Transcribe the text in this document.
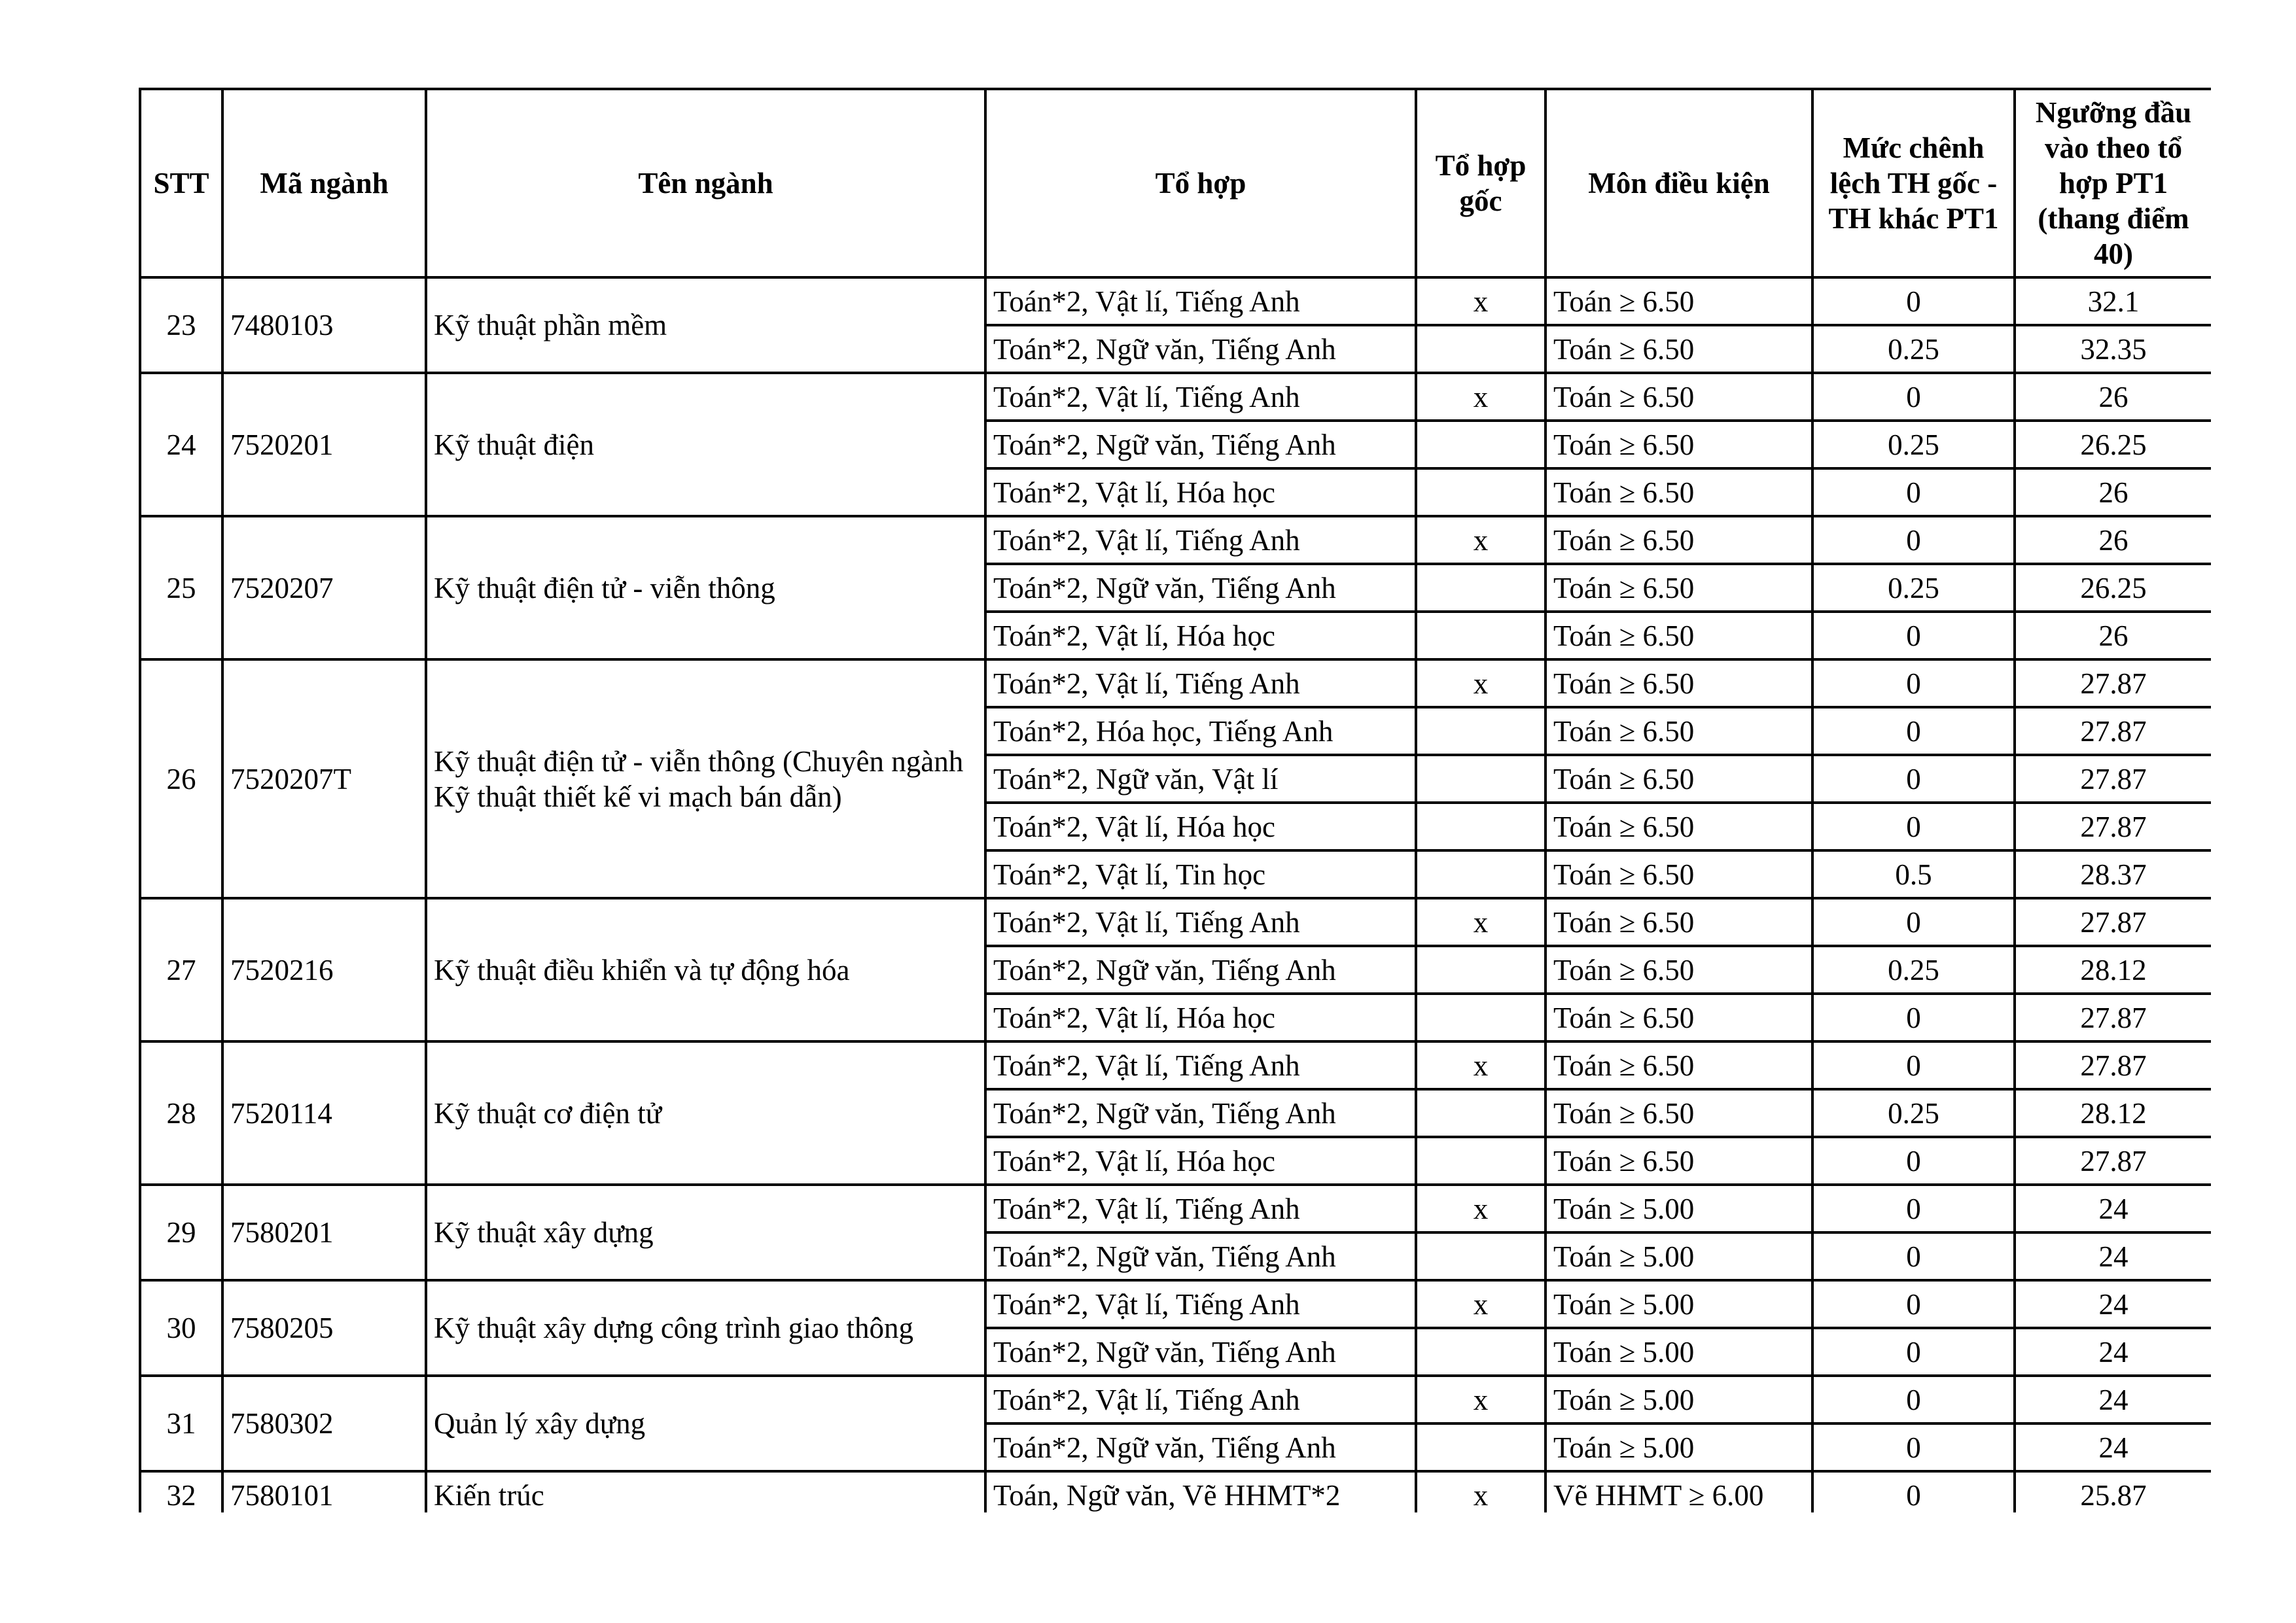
STT	Mã ngành	Tên ngành	Tổ hợp	Tổ hợp gốc	Môn điều kiện	Mức chênh lệch TH gốc - TH khác PT1	Ngưỡng đầu vào theo tổ hợp PT1 (thang điểm 40)
23	7480103	Kỹ thuật phần mềm	Toán*2, Vật lí, Tiếng Anh	x	Toán ≥ 6.50	0	32.1
			Toán*2, Ngữ văn, Tiếng Anh		Toán ≥ 6.50	0.25	32.35
24	7520201	Kỹ thuật điện	Toán*2, Vật lí, Tiếng Anh	x	Toán ≥ 6.50	0	26
			Toán*2, Ngữ văn, Tiếng Anh		Toán ≥ 6.50	0.25	26.25
			Toán*2, Vật lí, Hóa học		Toán ≥ 6.50	0	26
25	7520207	Kỹ thuật điện tử - viễn thông	Toán*2, Vật lí, Tiếng Anh	x	Toán ≥ 6.50	0	26
			Toán*2, Ngữ văn, Tiếng Anh		Toán ≥ 6.50	0.25	26.25
			Toán*2, Vật lí, Hóa học		Toán ≥ 6.50	0	26
26	7520207T	Kỹ thuật điện tử - viễn thông (Chuyên ngành Kỹ thuật thiết kế vi mạch bán dẫn)	Toán*2, Vật lí, Tiếng Anh	x	Toán ≥ 6.50	0	27.87
			Toán*2, Hóa học, Tiếng Anh		Toán ≥ 6.50	0	27.87
			Toán*2, Ngữ văn, Vật lí		Toán ≥ 6.50	0	27.87
			Toán*2, Vật lí, Hóa học		Toán ≥ 6.50	0	27.87
			Toán*2, Vật lí, Tin học		Toán ≥ 6.50	0.5	28.37
27	7520216	Kỹ thuật điều khiển và tự động hóa	Toán*2, Vật lí, Tiếng Anh	x	Toán ≥ 6.50	0	27.87
			Toán*2, Ngữ văn, Tiếng Anh		Toán ≥ 6.50	0.25	28.12
			Toán*2, Vật lí, Hóa học		Toán ≥ 6.50	0	27.87
28	7520114	Kỹ thuật cơ điện tử	Toán*2, Vật lí, Tiếng Anh	x	Toán ≥ 6.50	0	27.87
			Toán*2, Ngữ văn, Tiếng Anh		Toán ≥ 6.50	0.25	28.12
			Toán*2, Vật lí, Hóa học		Toán ≥ 6.50	0	27.87
29	7580201	Kỹ thuật xây dựng	Toán*2, Vật lí, Tiếng Anh	x	Toán ≥ 5.00	0	24
			Toán*2, Ngữ văn, Tiếng Anh		Toán ≥ 5.00	0	24
30	7580205	Kỹ thuật xây dựng công trình giao thông	Toán*2, Vật lí, Tiếng Anh	x	Toán ≥ 5.00	0	24
			Toán*2, Ngữ văn, Tiếng Anh		Toán ≥ 5.00	0	24
31	7580302	Quản lý xây dựng	Toán*2, Vật lí, Tiếng Anh	x	Toán ≥ 5.00	0	24
			Toán*2, Ngữ văn, Tiếng Anh		Toán ≥ 5.00	0	24
32	7580101	Kiến trúc	Toán, Ngữ văn, Vẽ HHMT*2	x	Vẽ HHMT ≥ 6.00	0	25.87
